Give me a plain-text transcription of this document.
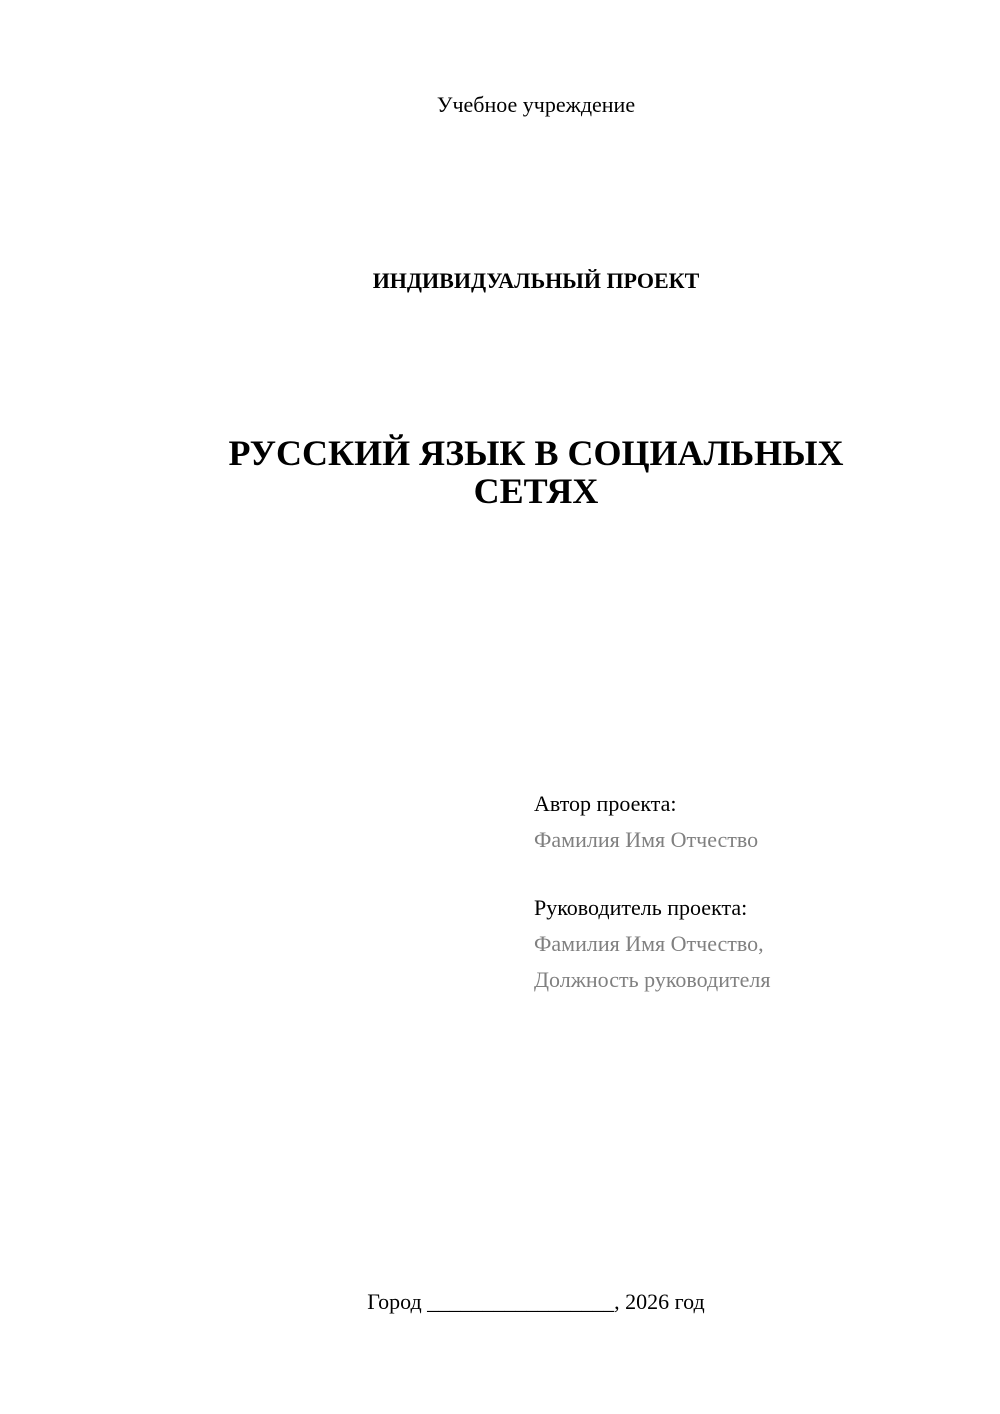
Учебное учреждение
ИНДИВИДУАЛЬНЫЙ ПРОЕКТ
РУССКИЙ ЯЗЫК В СОЦИАЛЬНЫХ
СЕТЯХ
Автор проекта:
Фамилия Имя Отчество
Руководитель проекта:
Фамилия Имя Отчество,
Должность руководителя
Город _________________, 2026 год
